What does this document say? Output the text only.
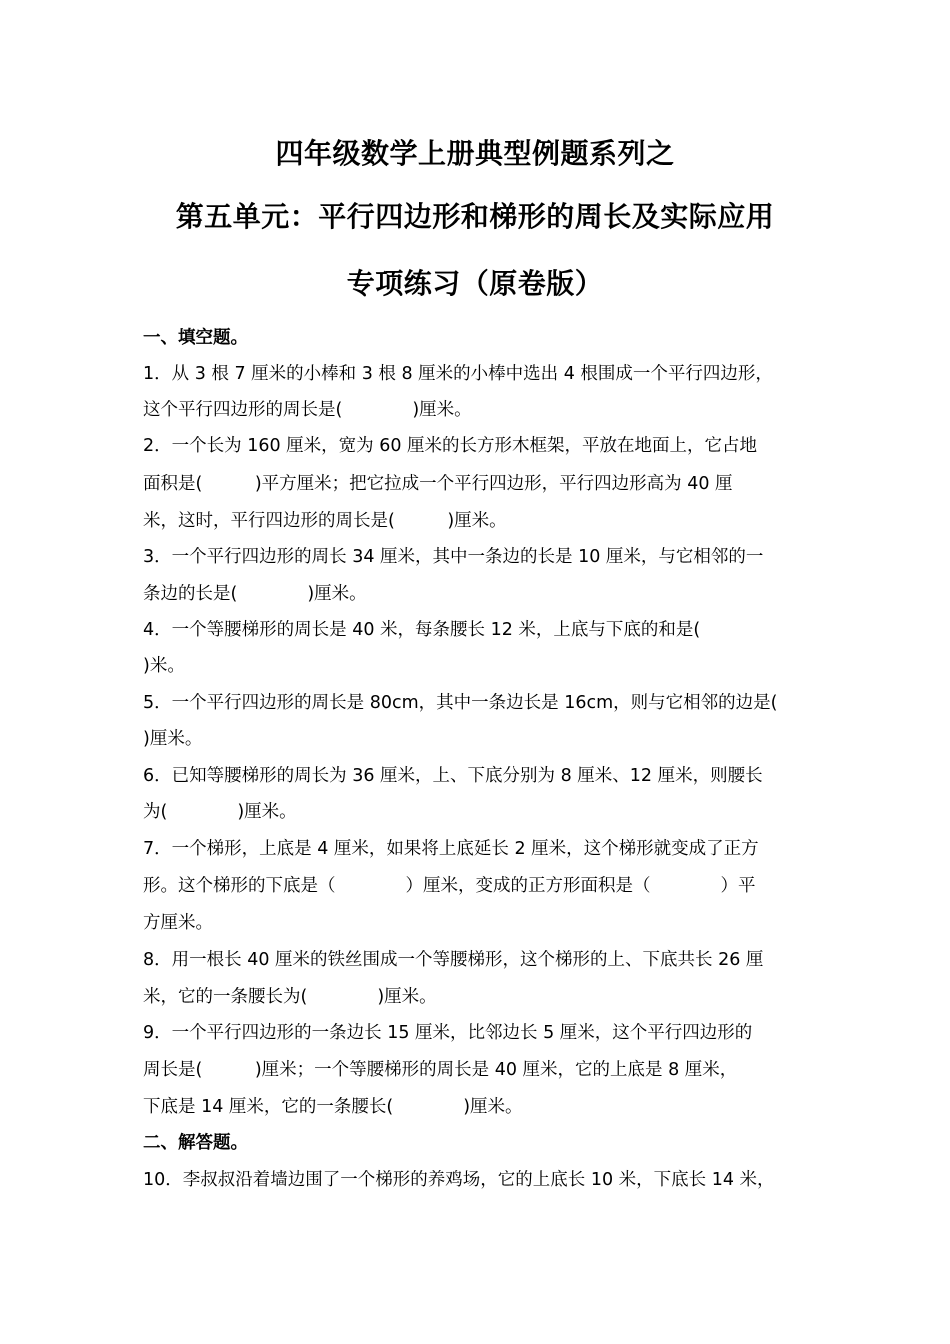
四年级数学上册典型例题系列之
第五单元：平行四边形和梯形的周长及实际应用
专项练习（原卷版）
一、填空题。
1．从 3 根 7 厘米的小棒和 3 根 8 厘米的小棒中选出 4 根围成一个平行四边形，
这个平行四边形的周长是(　　　　)厘米。
2．一个长为 160 厘米，宽为 60 厘米的长方形木框架，平放在地面上，它占地
面积是(　　　)平方厘米；把它拉成一个平行四边形，平行四边形高为 40 厘
米，这时，平行四边形的周长是(　　　)厘米。
3．一个平行四边形的周长 34 厘米，其中一条边的长是 10 厘米，与它相邻的一
条边的长是(　　　　)厘米。
4．一个等腰梯形的周长是 40 米，每条腰长 12 米，上底与下底的和是(
)米。
5．一个平行四边形的周长是 80cm，其中一条边长是 16cm，则与它相邻的边是(
)厘米。
6．已知等腰梯形的周长为 36 厘米，上、下底分别为 8 厘米、12 厘米，则腰长
为(　　　　)厘米。
7．一个梯形，上底是 4 厘米，如果将上底延长 2 厘米，这个梯形就变成了正方
形。这个梯形的下底是（　　　　）厘米，变成的正方形面积是（　　　　）平
方厘米。
8．用一根长 40 厘米的铁丝围成一个等腰梯形，这个梯形的上、下底共长 26 厘
米，它的一条腰长为(　　　　)厘米。
9．一个平行四边形的一条边长 15 厘米，比邻边长 5 厘米，这个平行四边形的
周长是(　　　)厘米；一个等腰梯形的周长是 40 厘米，它的上底是 8 厘米，
下底是 14 厘米，它的一条腰长(　　　　)厘米。
二、解答题。
10．李叔叔沿着墙边围了一个梯形的养鸡场，它的上底长 10 米，下底长 14 米，
